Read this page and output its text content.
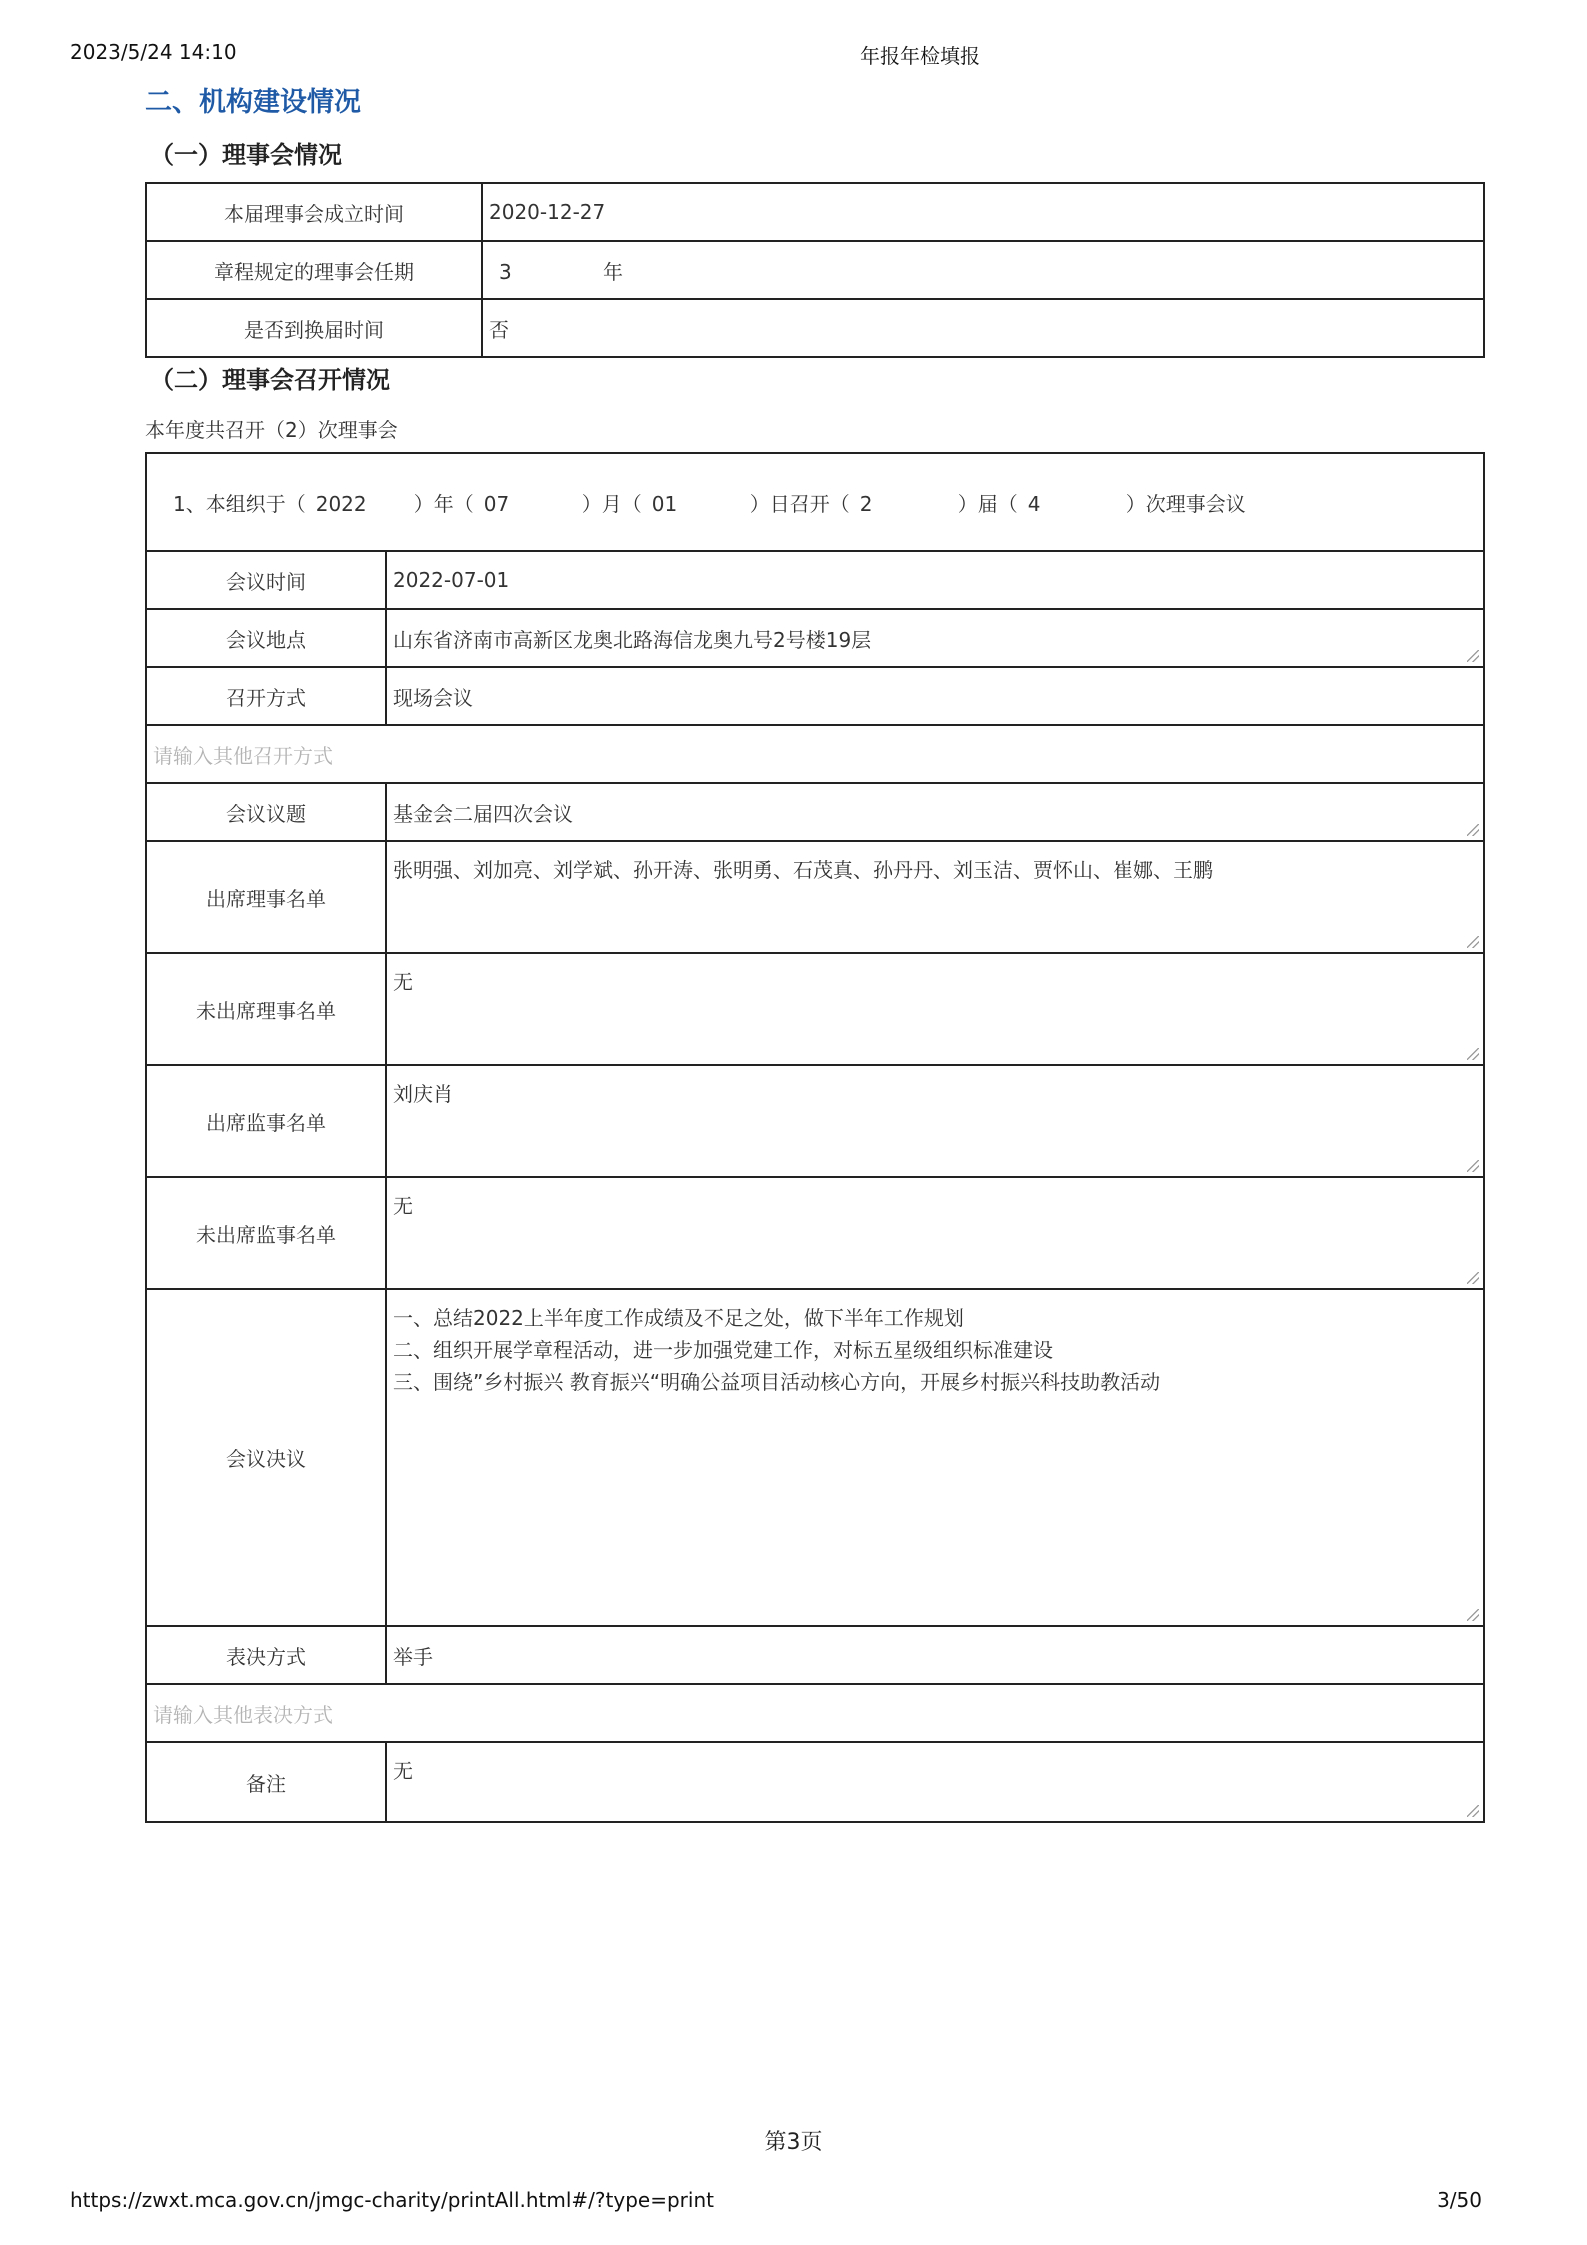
2023/5/24 14:10	年报年检填报
二、机构建设情况
（一）理事会情况
本届理事会成立时间	2020-12-27
章程规定的理事会任期	3 年
是否到换届时间	否
（二）理事会召开情况
本年度共召开（2）次理事会
1、本组织于（ 2022 ）年（ 07 ）月（ 01 ）日召开（ 2 ）届（ 4 ）次理事会议	

会议时间	2022-07-01
会议地点	山东省济南市高新区龙奥北路海信龙奥九号2号楼19层

召开方式	现场会议
请输入其他召开方式	
会议议题	基金会二届四次会议

出席理事名单	张明强、刘加亮、刘学斌、孙开涛、张明勇、石茂真、孙丹丹、刘玉洁、贾怀山、崔娜、王鹏

未出席理事名单	无

出席监事名单	刘庆肖

未出席监事名单	无

会议决议	一、总结2022上半年度工作成绩及不足之处，做下半年工作规划
二、组织开展学章程活动，进一步加强党建工作，对标五星级组织标准建设
三、围绕”乡村振兴 教育振兴“明确公益项目活动核心方向，开展乡村振兴科技助教活动

表决方式	举手
请输入其他表决方式	
备注	无
第3页
https://zwxt.mca.gov.cn/jmgc-charity/printAll.html#/?type=print	3/50
